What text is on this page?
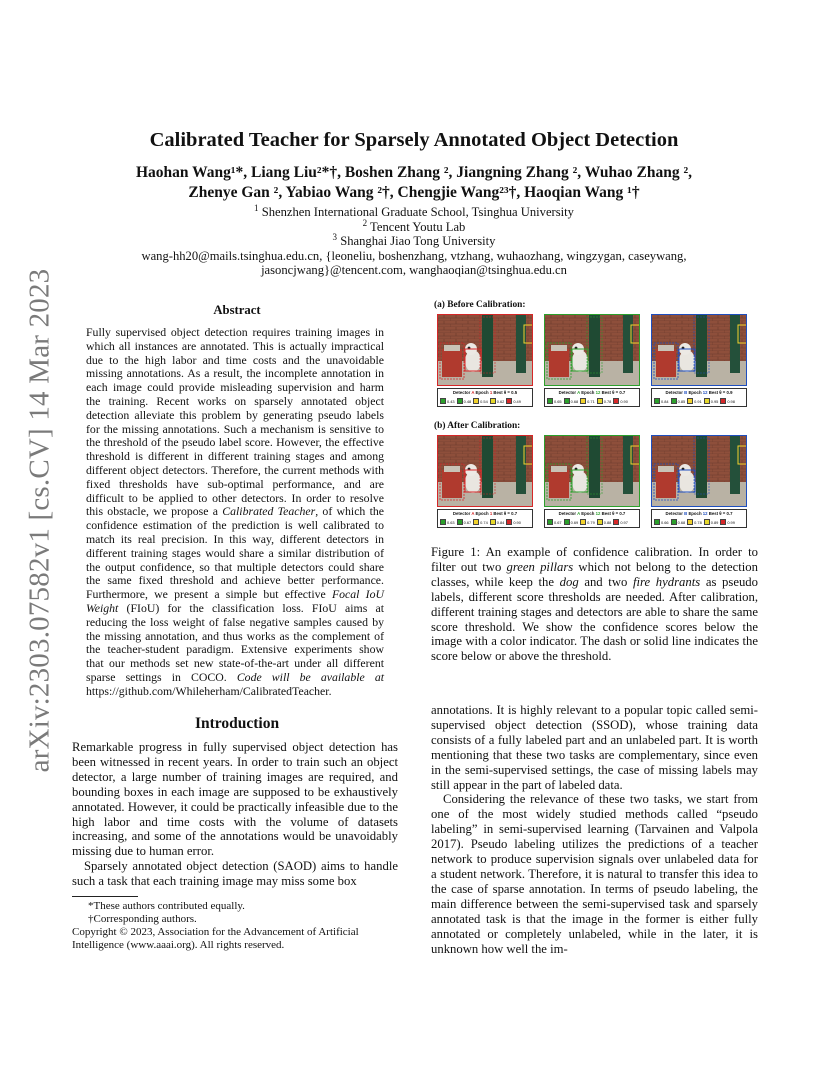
arXiv:2303.07582v1 [cs.CV] 14 Mar 2023
Calibrated Teacher for Sparsely Annotated Object Detection
Haohan Wang¹*, Liang Liu²*†, Boshen Zhang ², Jiangning Zhang ², Wuhao Zhang ²,
Zhenye Gan ², Yabiao Wang ²†, Chengjie Wang²³†, Haoqian Wang ¹†
$^1$ Shenzhen International Graduate School, Tsinghua University
$^2$ Tencent Youtu Lab
$^3$ Shanghai Jiao Tong University
wang-hh20@mails.tsinghua.edu.cn, {leoneliu, boshenzhang, vtzhang, wuhaozhang, wingzygan, caseywang,
jasoncjwang}@tencent.com, wanghaoqian@tsinghua.edu.cn
Abstract

Fully supervised object detection requires training images in which all instances are annotated. This is actually impractical due to the high labor and time costs and the unavoidable missing annotations. As a result, the incomplete annotation in each image could provide misleading supervision and harm the training. Recent works on sparsely annotated object detection alleviate this problem by generating pseudo labels for the missing annotations. Such a mechanism is sensitive to the threshold of the pseudo label score. However, the effective threshold is different in different training stages and among different object detectors. Therefore, the current methods with fixed thresholds have sub-optimal performance, and are difficult to be applied to other detectors. In order to resolve this obstacle, we propose a Calibrated Teacher, of which the confidence estimation of the prediction is well calibrated to match its real precision. In this way, different detectors in different training stages would share a similar distribution of the output confidence, so that multiple detectors could share the same fixed threshold and achieve better performance. Furthermore, we present a simple but effective Focal IoU Weight (FIoU) for the classification loss. FIoU aims at reducing the loss weight of false negative samples caused by the missing annotation, and thus works as the complement of the teacher-student paradigm. Extensive experiments show that our methods set new state-of-the-art under all different sparse settings in COCO. Code will be available at https://github.com/Whileherham/CalibratedTeacher.

Introduction

Remarkable progress in fully supervised object detection has been witnessed in recent years. In order to train such an object detector, a large number of training images are required, and bounding boxes in each image are supposed to be exhaustively annotated. However, it could be practically infeasible due to the high labor and time costs with the volume of datasets increasing, and some of the annotations would be unavoidably missing due to human error.

Sparsely annotated object detection (SAOD) aims to handle such a task that each training image may miss some box

*These authors contributed equally.

†Corresponding authors.

Copyright © 2023, Association for the Advancement of Artificial Intelligence (www.aaai.org). All rights reserved.

(a) Before Calibration:
(b) After Calibration:
Detector A Epoch 1 Best θ = 0.5
0.43 0.48 0.54 0.62 0.49
Detector A Epoch 12 Best θ = 0.7
0.65 0.68 0.71 0.78 0.90
Detector B Epoch 12 Best θ = 0.9
0.84 0.85 0.91 0.95 0.98
Detector A Epoch 1 Best θ = 0.7
0.63 0.67 0.74 0.84 0.90
Detector A Epoch 12 Best θ = 0.7
0.67 0.69 0.79 0.88 0.97
Detector B Epoch 12 Best θ = 0.7
0.66 0.68 0.78 0.89 0.99

Figure 1: An example of confidence calibration. In order to filter out two green pillars which not belong to the detection classes, while keep the dog and two fire hydrants as pseudo labels, different score thresholds are needed. After calibration, different training stages and detectors are able to share the same score threshold. We show the confidence scores below the image with a color indicator. The dash or solid line indicates the score below or above the threshold.

annotations. It is highly relevant to a popular topic called semi-supervised object detection (SSOD), whose training data consists of a fully labeled part and an unlabeled part. It is worth mentioning that these two tasks are complementary, since even in the semi-supervised settings, the case of missing labels may still appear in the part of labeled data.

Considering the relevance of these two tasks, we start from one of the most widely studied methods called “pseudo labeling” in semi-supervised learning (Tarvainen and Valpola 2017). Pseudo labeling utilizes the predictions of a teacher network to produce supervision signals over unlabeled data for a student network. Therefore, it is natural to transfer this idea to the case of sparse annotation. In terms of pseudo labeling, the main difference between the semi-supervised task and sparsely annotated task is that the image in the former is either fully annotated or completely unlabeled, while in the later, it is unknown how well the im-
